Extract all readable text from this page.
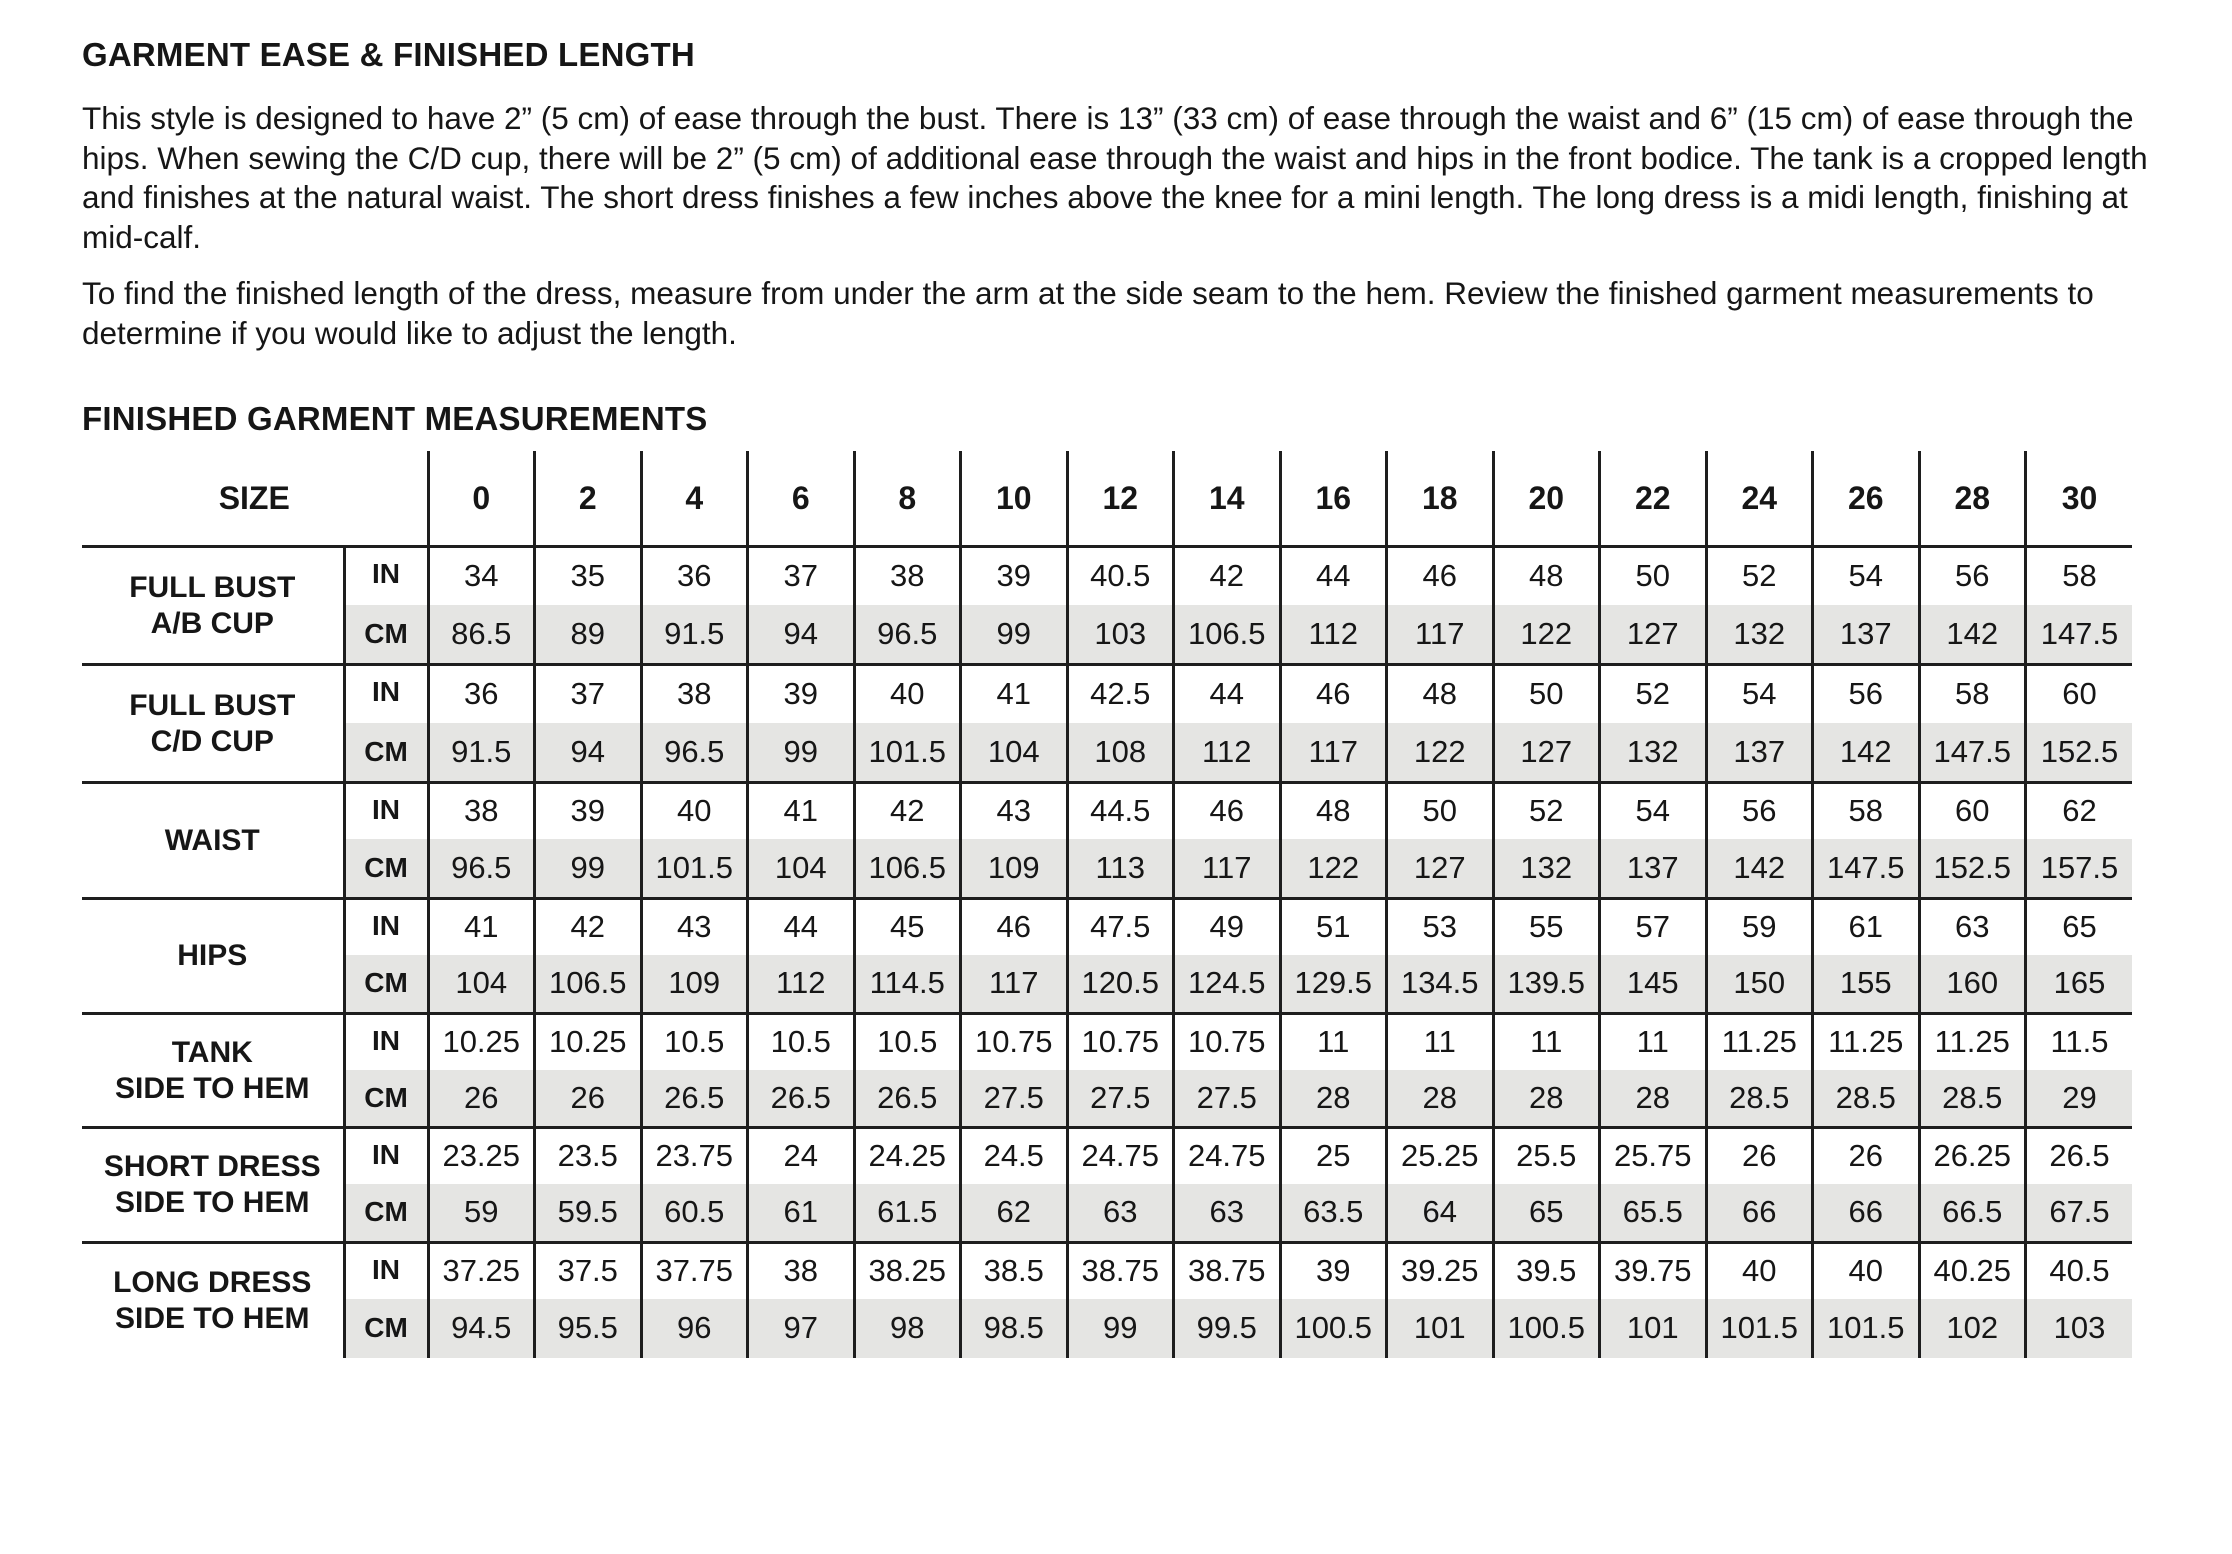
GARMENT EASE & FINISHED LENGTH

This style is designed to have 2” (5 cm) of ease through the bust. There is 13” (33 cm) of ease through the waist and 6” (15 cm) of ease through the hips. When sewing the C/D cup, there will be 2” (5 cm) of additional ease through the waist and hips in the front bodice. The tank is a cropped length and finishes at the natural waist. The short dress finishes a few inches above the knee for a mini length. The long dress is a midi length, finishing at mid-calf.

To find the finished length of the dress, measure from under the arm at the side seam to the hem. Review the finished garment measurements to determine if you would like to adjust the length.

FINISHED GARMENT MEASUREMENTS
SIZE		0	2	4	6	8	10	12	14	16	18	20	22	24	26	28	30

FULL BUST
A/B CUP	IN	34	35	36	37	38	39	40.5	42	44	46	48	50	52	54	56	58
	CM	86.5	89	91.5	94	96.5	99	103	106.5	112	117	122	127	132	137	142	147.5

FULL BUST
C/D CUP	IN	36	37	38	39	40	41	42.5	44	46	48	50	52	54	56	58	60
	CM	91.5	94	96.5	99	101.5	104	108	112	117	122	127	132	137	142	147.5	152.5

WAIST	IN	38	39	40	41	42	43	44.5	46	48	50	52	54	56	58	60	62
	CM	96.5	99	101.5	104	106.5	109	113	117	122	127	132	137	142	147.5	152.5	157.5

HIPS	IN	41	42	43	44	45	46	47.5	49	51	53	55	57	59	61	63	65
	CM	104	106.5	109	112	114.5	117	120.5	124.5	129.5	134.5	139.5	145	150	155	160	165

TANK
SIDE TO HEM	IN	10.25	10.25	10.5	10.5	10.5	10.75	10.75	10.75	11	11	11	11	11.25	11.25	11.25	11.5
	CM	26	26	26.5	26.5	26.5	27.5	27.5	27.5	28	28	28	28	28.5	28.5	28.5	29

SHORT DRESS
SIDE TO HEM	IN	23.25	23.5	23.75	24	24.25	24.5	24.75	24.75	25	25.25	25.5	25.75	26	26	26.25	26.5
	CM	59	59.5	60.5	61	61.5	62	63	63	63.5	64	65	65.5	66	66	66.5	67.5

LONG DRESS
SIDE TO HEM	IN	37.25	37.5	37.75	38	38.25	38.5	38.75	38.75	39	39.25	39.5	39.75	40	40	40.25	40.5
	CM	94.5	95.5	96	97	98	98.5	99	99.5	100.5	101	100.5	101	101.5	101.5	102	103
